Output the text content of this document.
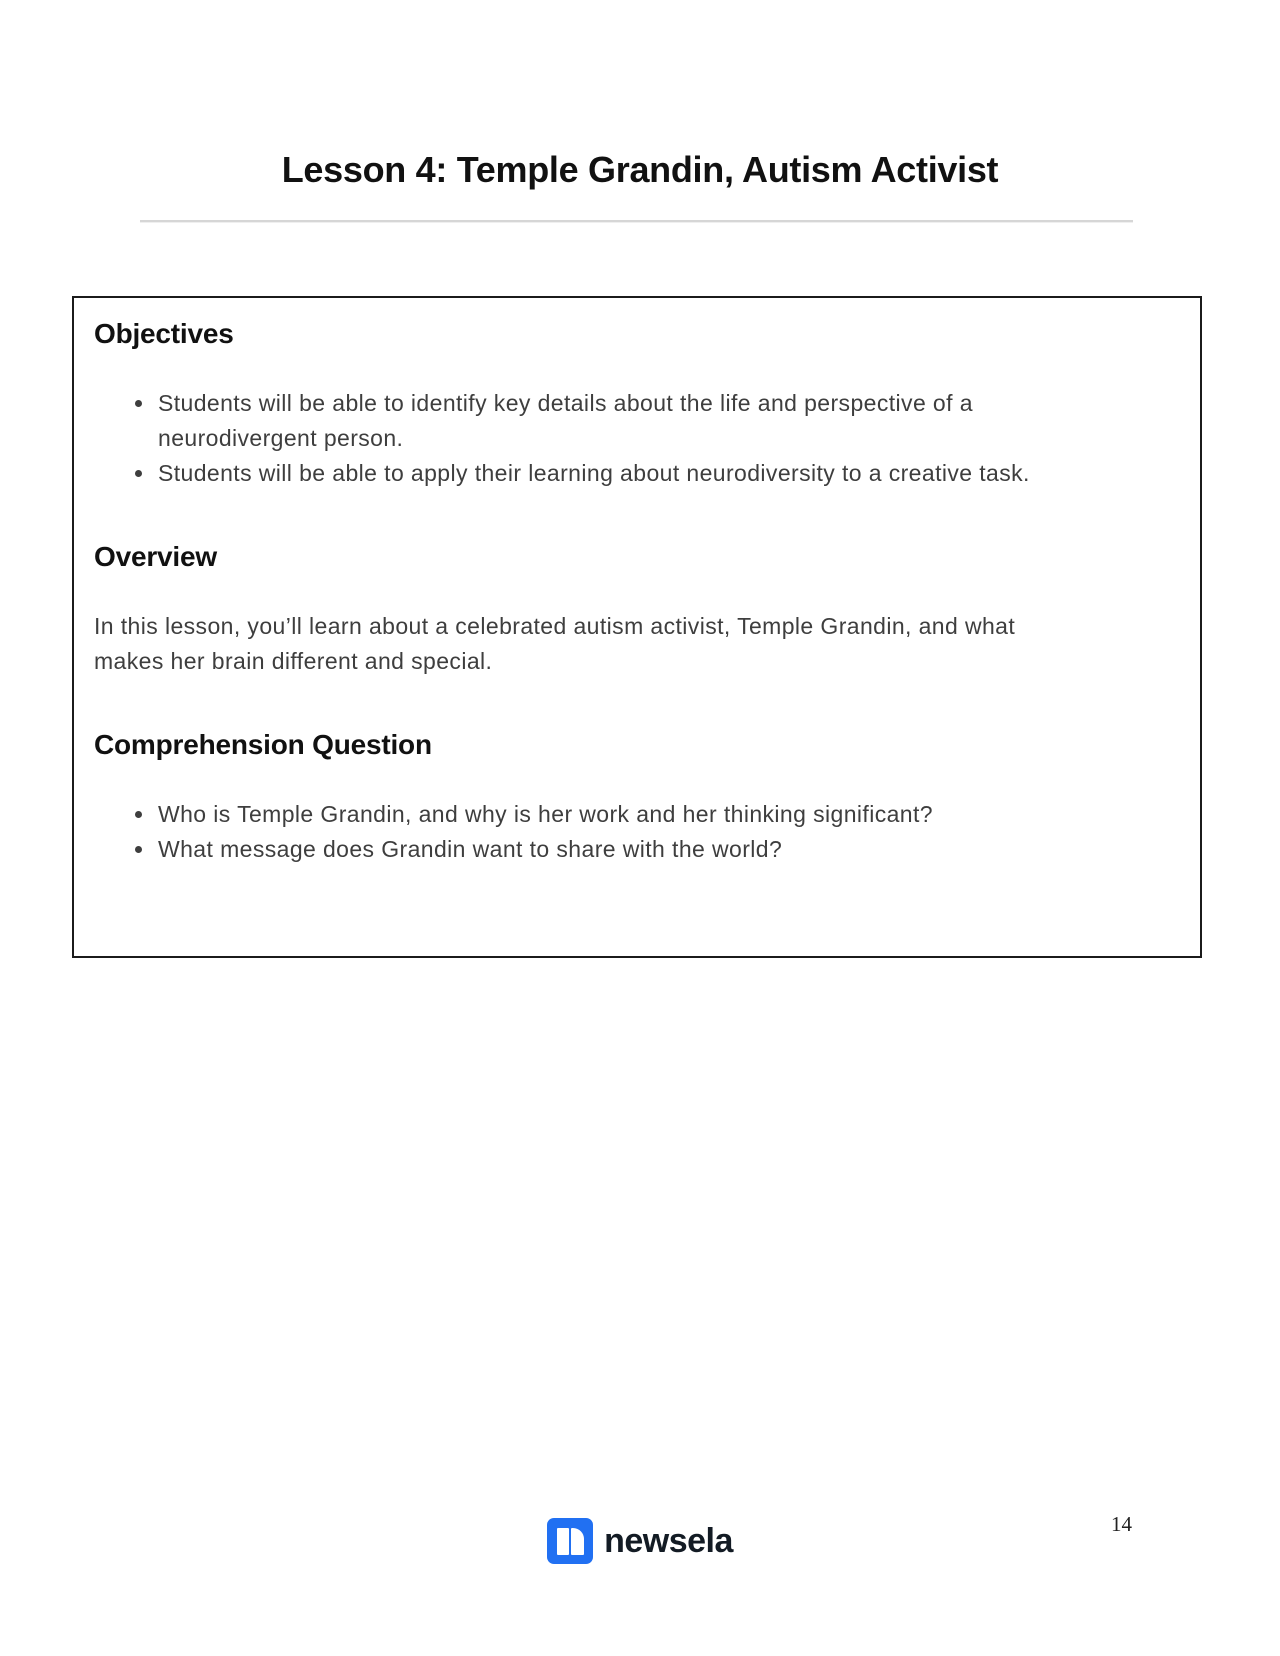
Lesson 4: Temple Grandin, Autism Activist
Objectives
• Students will be able to identify key details about the life and perspective of a neurodivergent person.
• Students will be able to apply their learning about neurodiversity to a creative task.
Overview

In this lesson, you’ll learn about a celebrated autism activist, Temple Grandin, and what makes her brain different and special.

Comprehension Question
• Who is Temple Grandin, and why is her work and her thinking significant?
• What message does Grandin want to share with the world?
newsela	14
